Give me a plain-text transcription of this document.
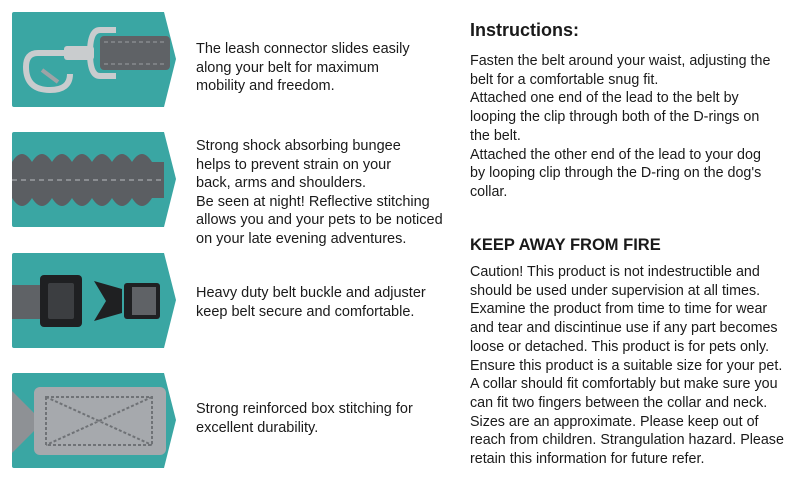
The leash connector slides easily
along your belt for maximum
mobility and freedom.
Strong shock absorbing bungee
helps to prevent strain on your
back, arms and shoulders.
Be seen at night! Reflective stitching
allows you and your pets to be noticed
on your late evening adventures.
Heavy duty belt buckle and adjuster
keep belt secure and comfortable.
Strong reinforced box stitching for
excellent durability.
Instructions:
Fasten the belt around your waist, adjusting the
belt for a comfortable snug fit.
Attached one end of the lead to the belt by
looping the clip through both of the D-rings on
the belt.
Attached the other end of the lead to your dog
by looping clip through the D-ring on the dog's
collar.
KEEP AWAY FROM FIRE
Caution! This product is not indestructible and
should be used under supervision at all times.
Examine the product from time to time for wear
and tear and discintinue use if any part becomes
loose or detached. This product is for pets only.
Ensure this product is a suitable size for your pet.
A collar should fit comfortably but make sure you
can fit two fingers between the collar and neck.
Sizes are an approximate. Please keep out of
reach from children. Strangulation hazard. Please
retain this information for future refer.
